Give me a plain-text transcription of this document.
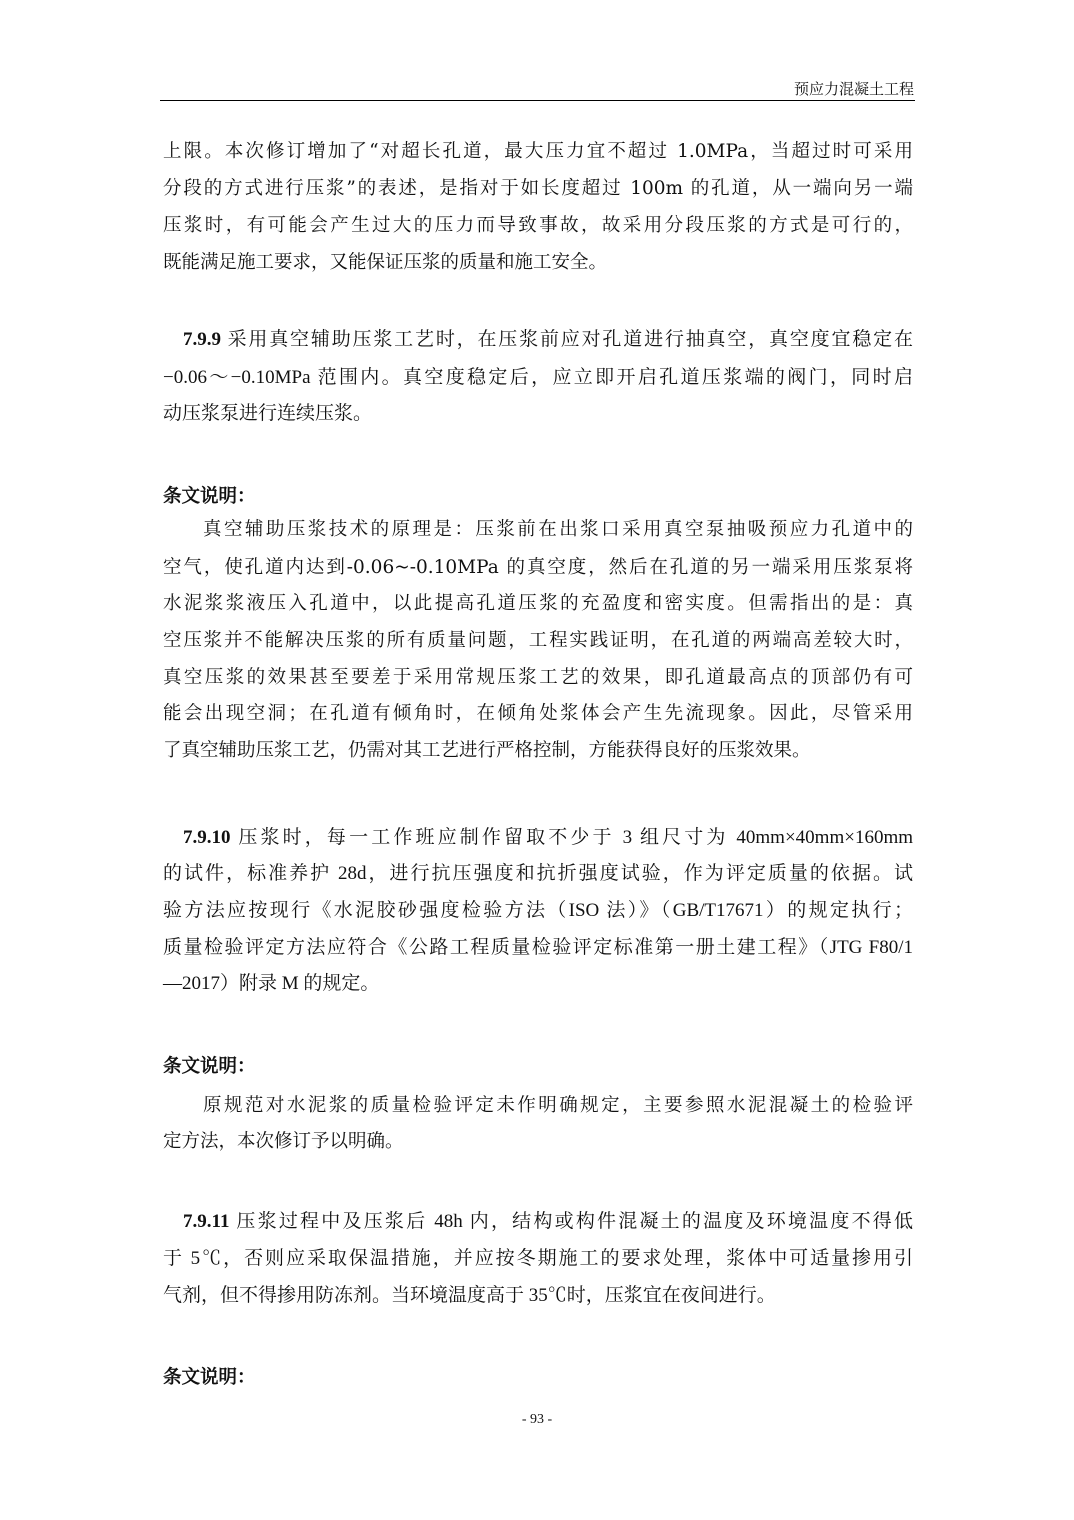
预应力混凝土工程
上限。本次修订增加了“对超长孔道，最大压力宜不超过 1.0MPa，当超过时可采用
分段的方式进行压浆”的表述，是指对于如长度超过 100m 的孔道，从一端向另一端
压浆时，有可能会产生过大的压力而导致事故，故采用分段压浆的方式是可行的，
既能满足施工要求，又能保证压浆的质量和施工安全。
7.9.9 采用真空辅助压浆工艺时，在压浆前应对孔道进行抽真空，真空度宜稳定在
−0.06～−0.10MPa 范围内。真空度稳定后，应立即开启孔道压浆端的阀门，同时启
动压浆泵进行连续压浆。
条文说明：
真空辅助压浆技术的原理是：压浆前在出浆口采用真空泵抽吸预应力孔道中的
空气，使孔道内达到-0.06~-0.10MPa 的真空度，然后在孔道的另一端采用压浆泵将
水泥浆浆液压入孔道中，以此提高孔道压浆的充盈度和密实度。但需指出的是：真
空压浆并不能解决压浆的所有质量问题，工程实践证明，在孔道的两端高差较大时，
真空压浆的效果甚至要差于采用常规压浆工艺的效果，即孔道最高点的顶部仍有可
能会出现空洞；在孔道有倾角时，在倾角处浆体会产生先流现象。因此，尽管采用
了真空辅助压浆工艺，仍需对其工艺进行严格控制，方能获得良好的压浆效果。
7.9.10 压浆时，每一工作班应制作留取不少于 3 组尺寸为 40mm×40mm×160mm
的试件，标准养护 28d，进行抗压强度和抗折强度试验，作为评定质量的依据。试
验方法应按现行《水泥胶砂强度检验方法（ISO 法）》（GB/T17671）的规定执行；
质量检验评定方法应符合《公路工程质量检验评定标准第一册土建工程》（JTG F80/1
—2017）附录 M 的规定。
条文说明：
原规范对水泥浆的质量检验评定未作明确规定，主要参照水泥混凝土的检验评
定方法，本次修订予以明确。
7.9.11 压浆过程中及压浆后 48h 内，结构或构件混凝土的温度及环境温度不得低
于 5℃，否则应采取保温措施，并应按冬期施工的要求处理，浆体中可适量掺用引
气剂，但不得掺用防冻剂。当环境温度高于 35℃时，压浆宜在夜间进行。
条文说明：
- 93 -
